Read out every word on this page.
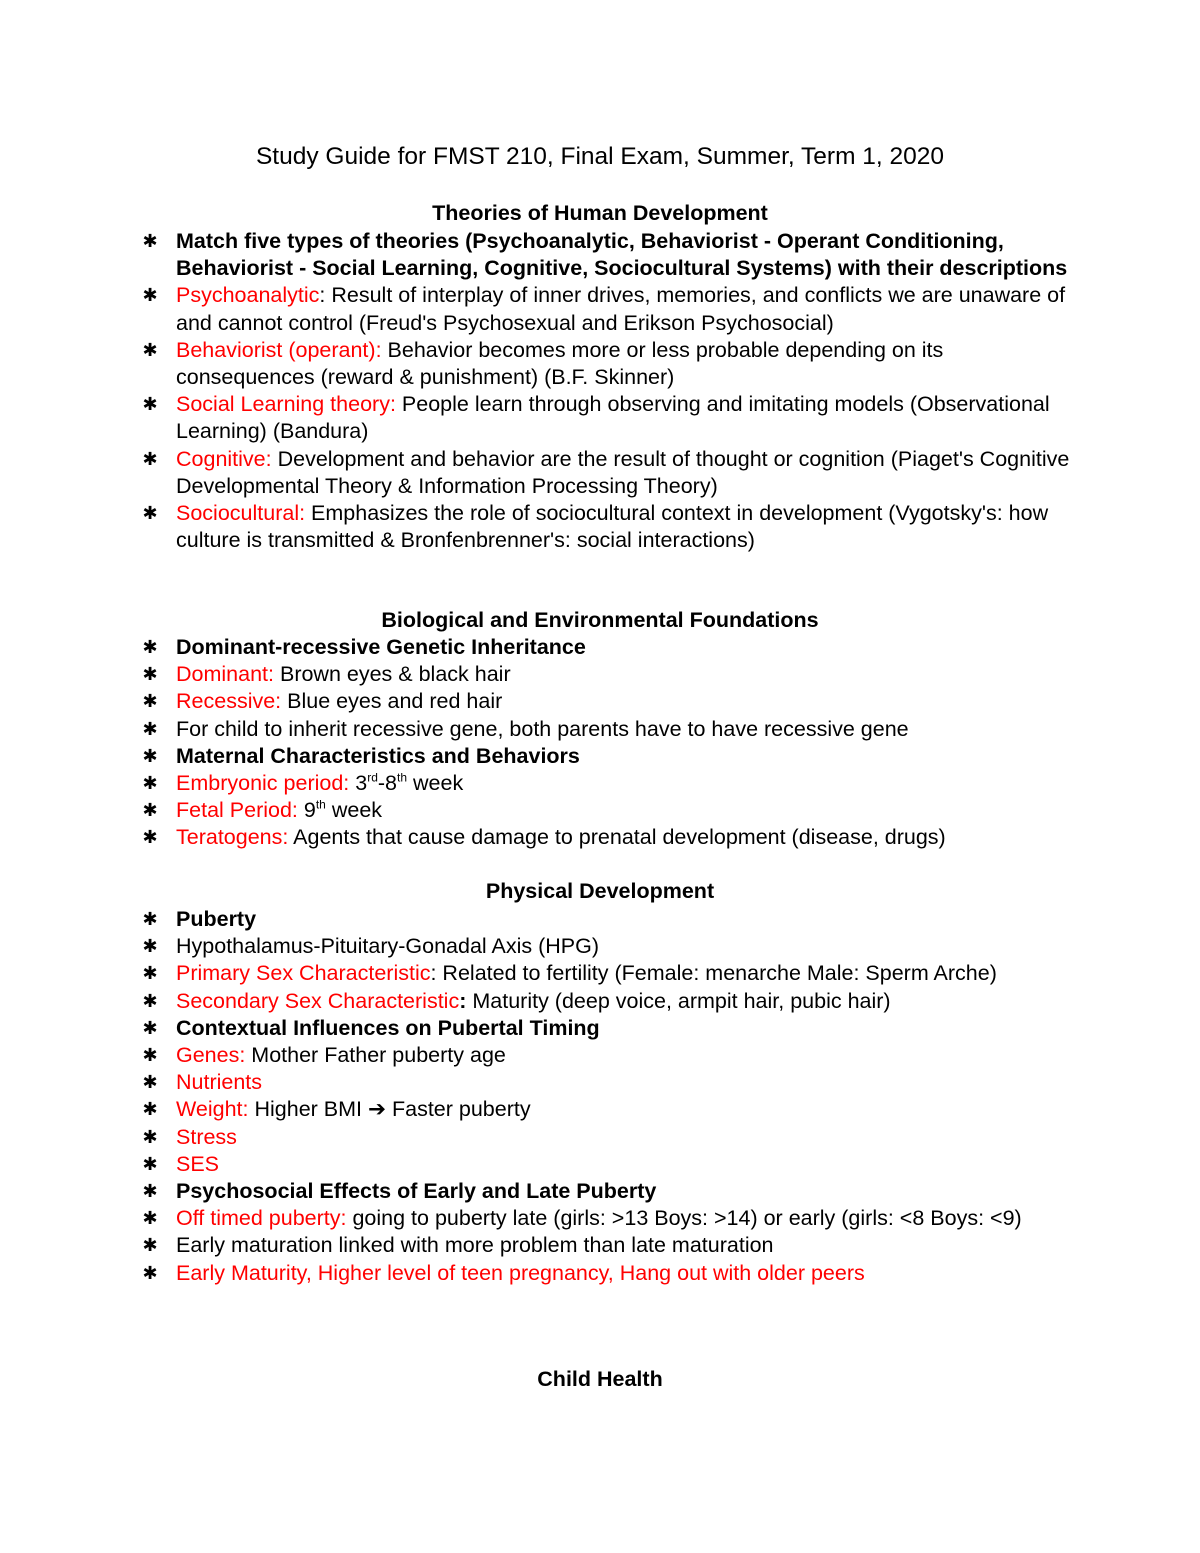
Study Guide for FMST 210, Final Exam, Summer, Term 1, 2020
Theories of Human Development
✱ Match five types of theories (Psychoanalytic, Behaviorist - Operant Conditioning, Behaviorist - Social Learning, Cognitive, Sociocultural Systems) with their descriptions
✱ Psychoanalytic: Result of interplay of inner drives, memories, and conflicts we are unaware of and cannot control (Freud's Psychosexual and Erikson Psychosocial)
✱ Behaviorist (operant): Behavior becomes more or less probable depending on its consequences (reward & punishment) (B.F. Skinner)
✱ Social Learning theory: People learn through observing and imitating models (Observational Learning) (Bandura)
✱ Cognitive: Development and behavior are the result of thought or cognition (Piaget's Cognitive Developmental Theory & Information Processing Theory)
✱ Sociocultural: Emphasizes the role of sociocultural context in development (Vygotsky's: how culture is transmitted & Bronfenbrenner's: social interactions)
Biological and Environmental Foundations
✱ Dominant-recessive Genetic Inheritance
✱ Dominant: Brown eyes & black hair
✱ Recessive: Blue eyes and red hair
✱ For child to inherit recessive gene, both parents have to have recessive gene
✱ Maternal Characteristics and Behaviors
✱ Embryonic period: 3rd-8th week
✱ Fetal Period: 9th week
✱ Teratogens: Agents that cause damage to prenatal development (disease, drugs)
Physical Development
✱ Puberty
✱ Hypothalamus-Pituitary-Gonadal Axis (HPG)
✱ Primary Sex Characteristic: Related to fertility (Female: menarche Male: Sperm Arche)
✱ Secondary Sex Characteristic: Maturity (deep voice, armpit hair, pubic hair)
✱ Contextual Influences on Pubertal Timing
✱ Genes: Mother Father puberty age
✱ Nutrients
✱ Weight: Higher BMI ➔ Faster puberty
✱ Stress
✱ SES
✱ Psychosocial Effects of Early and Late Puberty
✱ Off timed puberty: going to puberty late (girls: >13 Boys: >14) or early (girls: <8 Boys: <9)
✱ Early maturation linked with more problem than late maturation
✱ Early Maturity, Higher level of teen pregnancy, Hang out with older peers
Child Health
